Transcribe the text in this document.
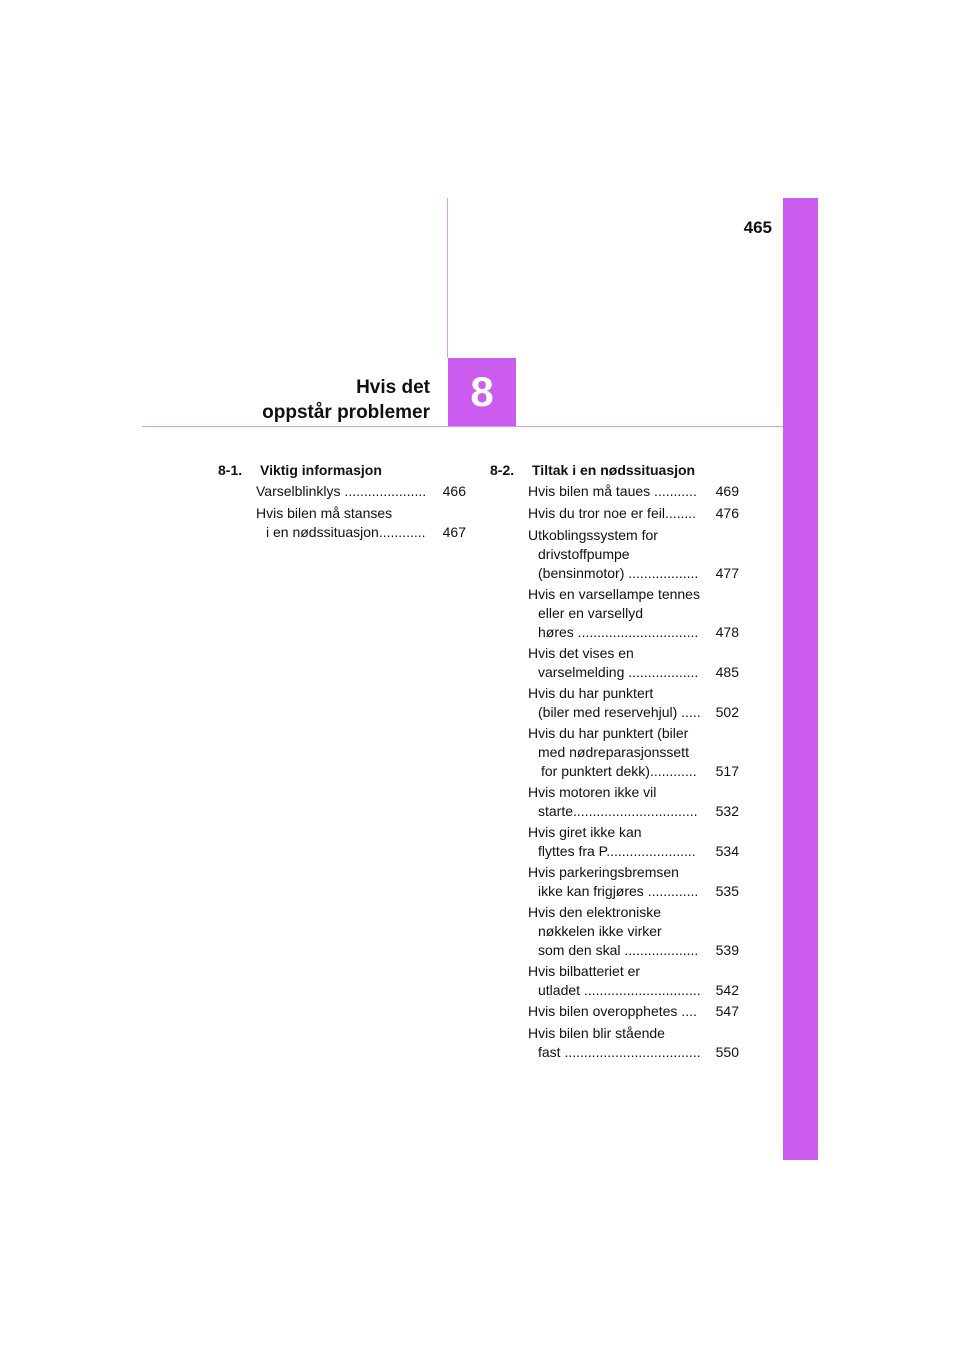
465
8
Hvis det
oppstår problemer
8-1. Viktig informasjon
Varselblinklys .....................	466
Hvis bilen må stanses
i en nødssituasjon............	467
8-2. Tiltak i en nødssituasjon
Hvis bilen må taues ...........	469
Hvis du tror noe er feil........	476
Utkoblingssystem for
drivstoffpumpe
(bensinmotor) ..................	477
Hvis en varsellampe tennes
eller en varsellyd
høres ...............................	478
Hvis det vises en
varselmelding ..................	485
Hvis du har punktert
(biler med reservehjul) .....	502
Hvis du har punktert (biler
med nødreparasjonssett
for punktert dekk)............	517
Hvis motoren ikke vil
starte................................	532
Hvis giret ikke kan
flyttes fra P.......................	534
Hvis parkeringsbremsen
ikke kan frigjøres .............	535
Hvis den elektroniske
nøkkelen ikke virker
som den skal ...................	539
Hvis bilbatteriet er
utladet ..............................	542
Hvis bilen overopphetes ....	547
Hvis bilen blir stående
fast ...................................	550
